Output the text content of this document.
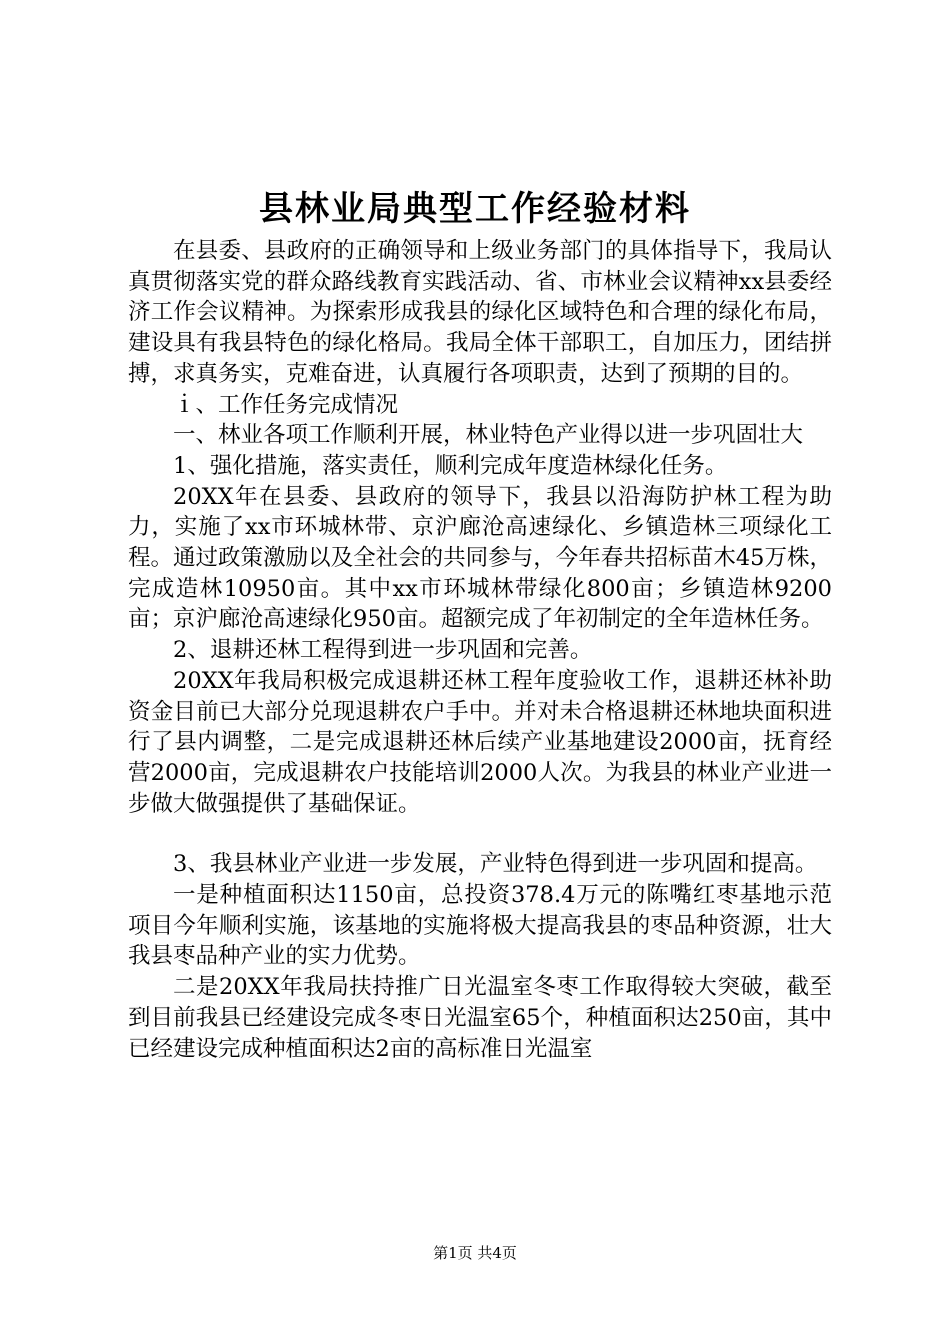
县林业局典型工作经验材料

在县委、县政府的正确领导和上级业务部门的具体指导下，我局认真贯彻落实党的群众路线教育实践活动、省、市林业会议精神xx县委经济工作会议精神。为探索形成我县的绿化区域特色和合理的绿化布局，建设具有我县特色的绿化格局。我局全体干部职工，自加压力，团结拼搏，求真务实，克难奋进，认真履行各项职责，达到了预期的目的。

ｉ、工作任务完成情况

一、林业各项工作顺利开展，林业特色产业得以进一步巩固壮大

1、强化措施，落实责任，顺利完成年度造林绿化任务。

20XX年在县委、县政府的领导下，我县以沿海防护林工程为助力，实施了xx市环城林带、京沪廊沧高速绿化、乡镇造林三项绿化工程。通过政策激励以及全社会的共同参与，今年春共招标苗木45万株，完成造林10950亩。其中xx市环城林带绿化800亩；乡镇造林9200亩；京沪廊沧高速绿化950亩。超额完成了年初制定的全年造林任务。

2、退耕还林工程得到进一步巩固和完善。

20XX年我局积极完成退耕还林工程年度验收工作，退耕还林补助资金目前已大部分兑现退耕农户手中。并对未合格退耕还林地块面积进行了县内调整，二是完成退耕还林后续产业基地建设2000亩，抚育经营2000亩，完成退耕农户技能培训2000人次。为我县的林业产业进一步做大做强提供了基础保证。

3、我县林业产业进一步发展，产业特色得到进一步巩固和提高。

一是种植面积达1150亩，总投资378.4万元的陈嘴红枣基地示范项目今年顺利实施，该基地的实施将极大提高我县的枣品种资源，壮大我县枣品种产业的实力优势。

二是20XX年我局扶持推广日光温室冬枣工作取得较大突破，截至到目前我县已经建设完成冬枣日光温室65个，种植面积达250亩，其中已经建设完成种植面积达2亩的高标准日光温室

第1页 共4页
